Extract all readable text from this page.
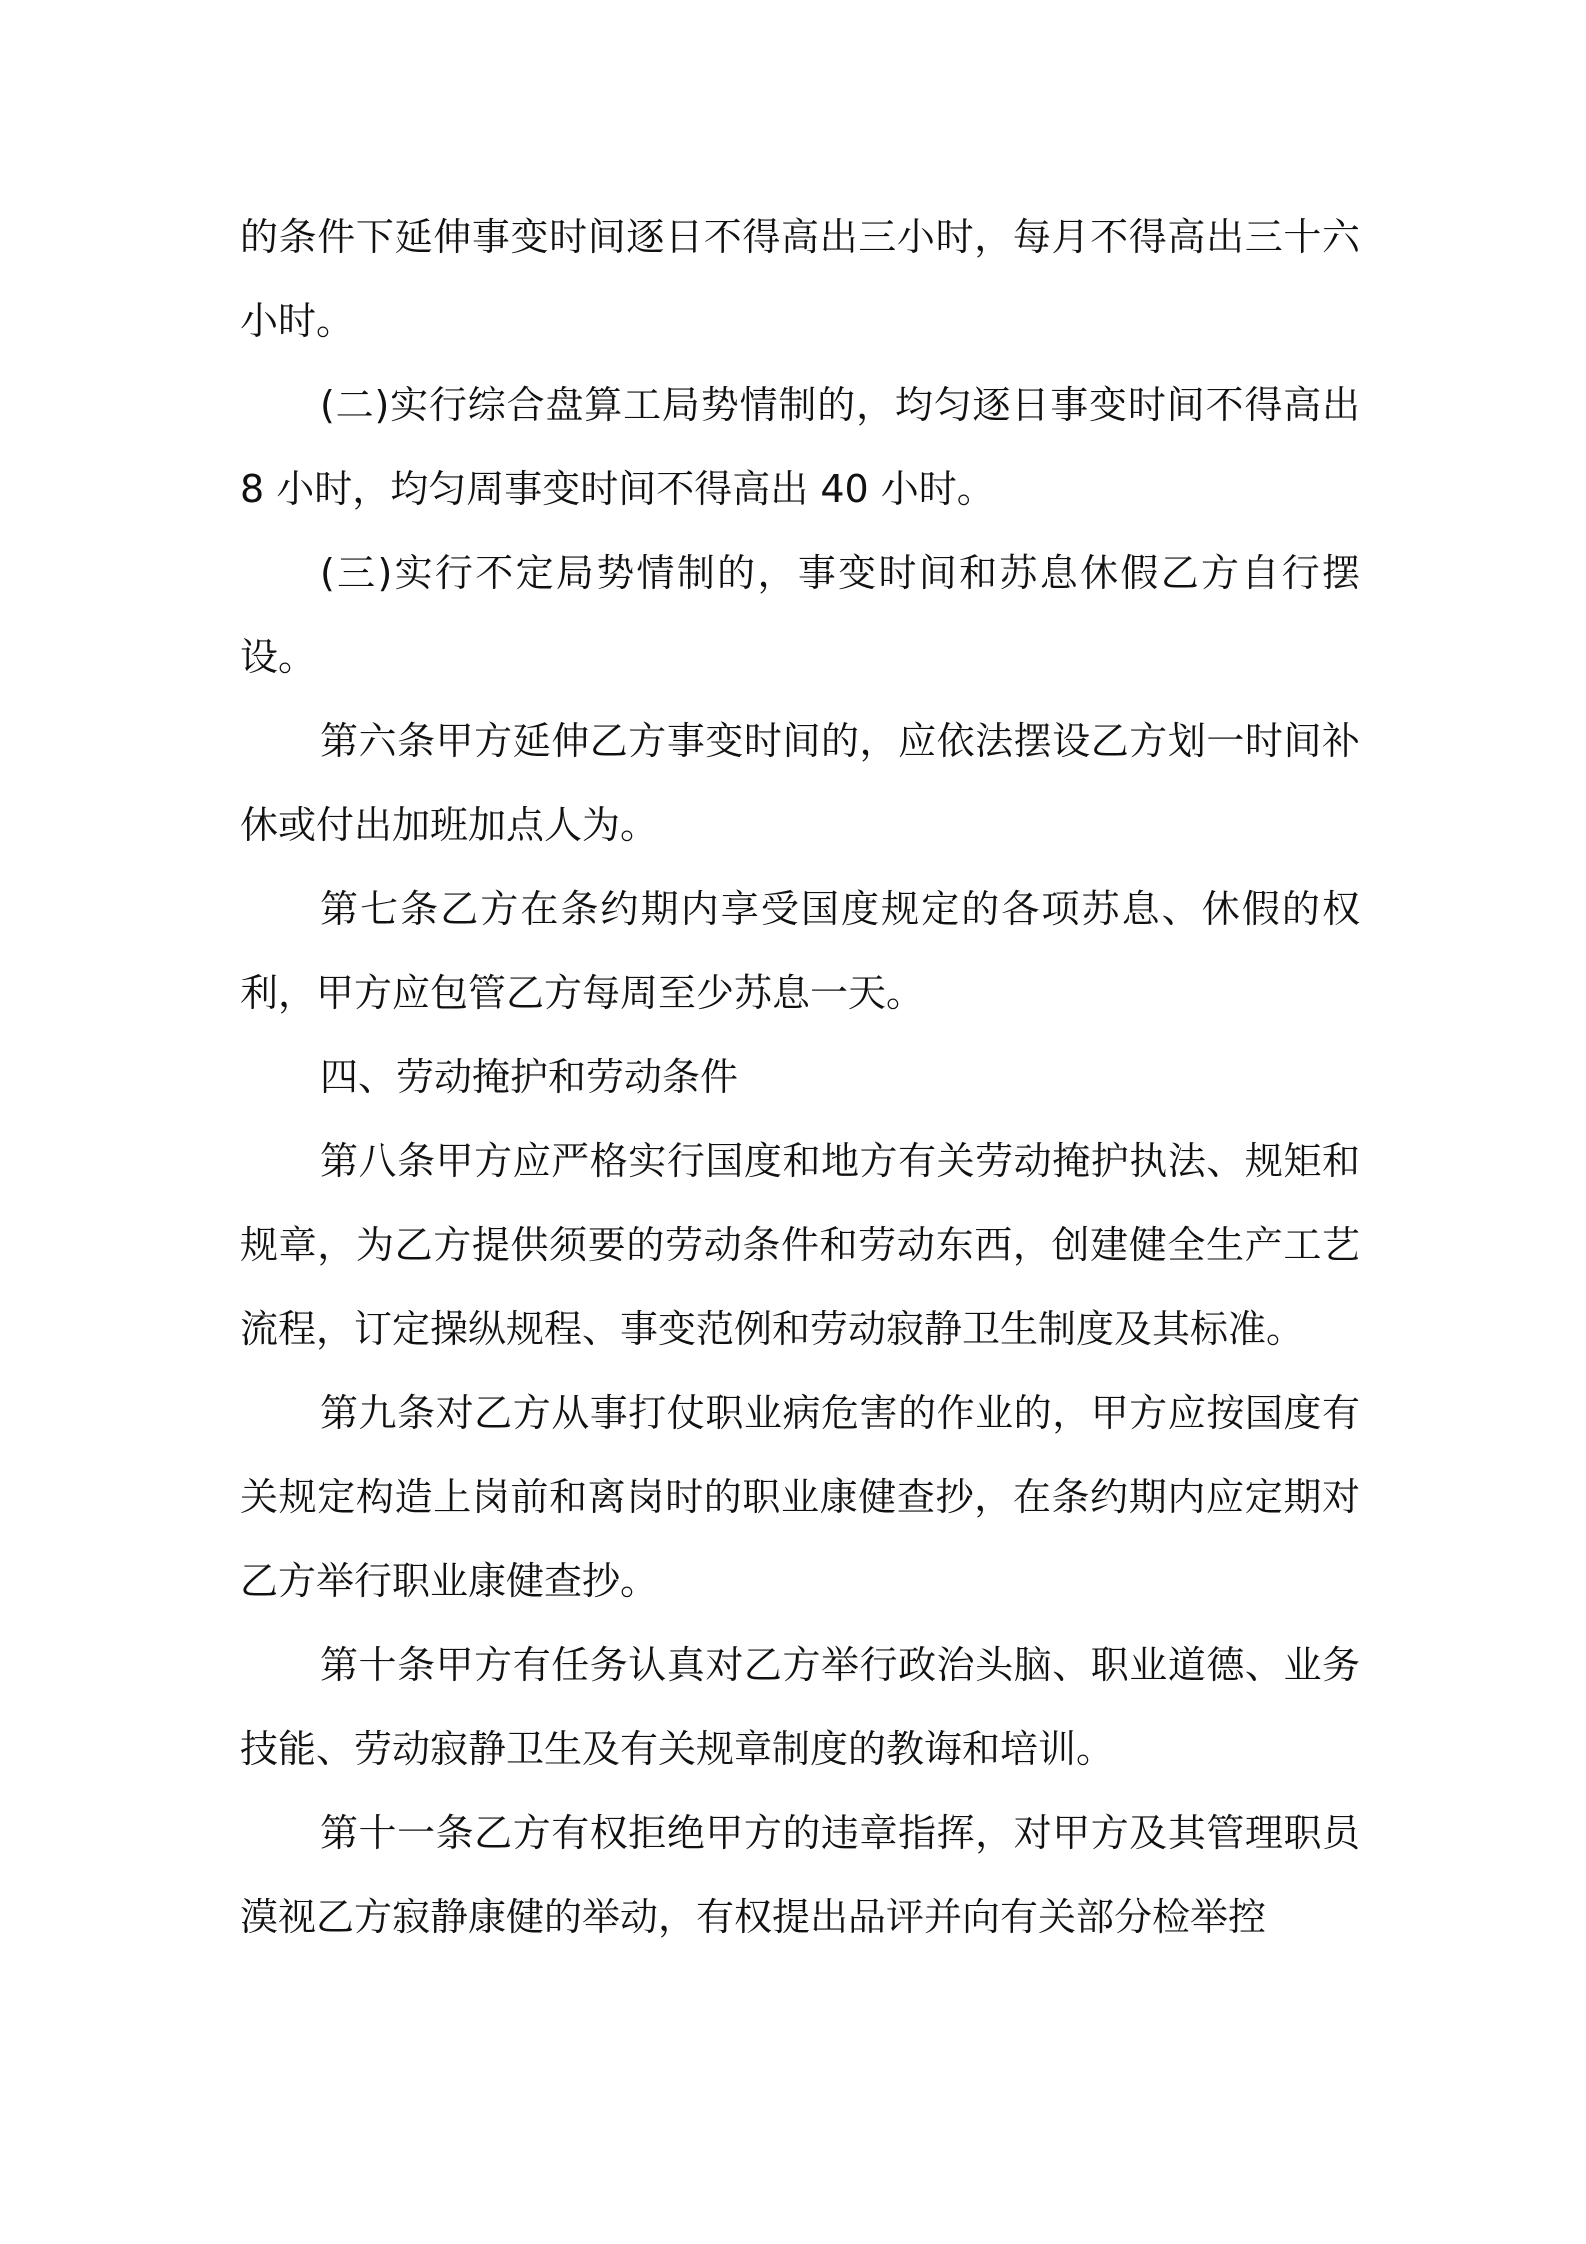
的条件下延伸事变时间逐日不得高出三小时，每月不得高出三十六小时。

(二)实行综合盘算工局势情制的，均匀逐日事变时间不得高出 8 小时，均匀周事变时间不得高出 40 小时。

(三)实行不定局势情制的，事变时间和苏息休假乙方自行摆设。

第六条甲方延伸乙方事变时间的，应依法摆设乙方划一时间补休或付出加班加点人为。

第七条乙方在条约期内享受国度规定的各项苏息、休假的权利，甲方应包管乙方每周至少苏息一天。

四、劳动掩护和劳动条件

第八条甲方应严格实行国度和地方有关劳动掩护执法、规矩和规章，为乙方提供须要的劳动条件和劳动东西，创建健全生产工艺流程，订定操纵规程、事变范例和劳动寂静卫生制度及其标准。

第九条对乙方从事打仗职业病危害的作业的，甲方应按国度有关规定构造上岗前和离岗时的职业康健查抄，在条约期内应定期对乙方举行职业康健查抄。

第十条甲方有任务认真对乙方举行政治头脑、职业道德、业务技能、劳动寂静卫生及有关规章制度的教诲和培训。

第十一条乙方有权拒绝甲方的违章指挥，对甲方及其管理职员漠视乙方寂静康健的举动，有权提出品评并向有关部分检举控
